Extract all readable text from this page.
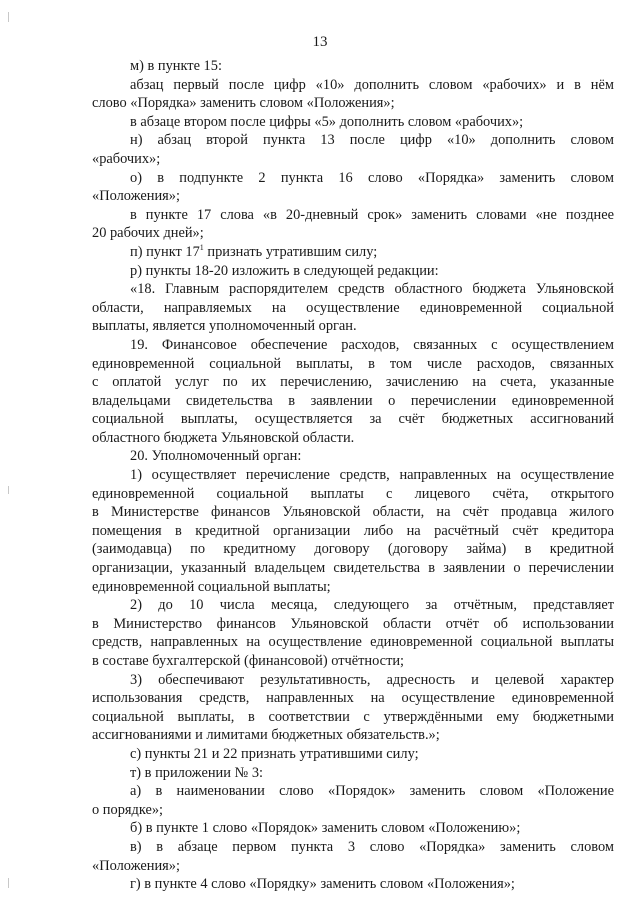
13
м) в пункте 15:
абзац первый после цифр «10» дополнить словом «рабочих» и в нём
слово «Порядка» заменить словом «Положения»;
в абзаце втором после цифры «5» дополнить словом «рабочих»;
н) абзац второй пункта 13 после цифр «10» дополнить словом
«рабочих»;
о) в подпункте 2 пункта 16 слово «Порядка» заменить словом
«Положения»;
в пункте 17 слова «в 20-дневный срок» заменить словами «не позднее
20 рабочих дней»;
п) пункт $17^1$ признать утратившим силу;
р) пункты 18-20 изложить в следующей редакции:
«18. Главным распорядителем средств областного бюджета Ульяновской
области, направляемых на осуществление единовременной социальной
выплаты, является уполномоченный орган.
19. Финансовое обеспечение расходов, связанных с осуществлением
единовременной социальной выплаты, в том числе расходов, связанных
с оплатой услуг по их перечислению, зачислению на счета, указанные
владельцами свидетельства в заявлении о перечислении единовременной
социальной выплаты, осуществляется за счёт бюджетных ассигнований
областного бюджета Ульяновской области.
20. Уполномоченный орган:
1) осуществляет перечисление средств, направленных на осуществление
единовременной социальной выплаты с лицевого счёта, открытого
в Министерстве финансов Ульяновской области, на счёт продавца жилого
помещения в кредитной организации либо на расчётный счёт кредитора
(заимодавца) по кредитному договору (договору займа) в кредитной
организации, указанный владельцем свидетельства в заявлении о перечислении
единовременной социальной выплаты;
2) до 10 числа месяца, следующего за отчётным, представляет
в Министерство финансов Ульяновской области отчёт об использовании
средств, направленных на осуществление единовременной социальной выплаты
в составе бухгалтерской (финансовой) отчётности;
3) обеспечивают результативность, адресность и целевой характер
использования средств, направленных на осуществление единовременной
социальной выплаты, в соответствии с утверждёнными ему бюджетными
ассигнованиями и лимитами бюджетных обязательств.»;
с) пункты 21 и 22 признать утратившими силу;
т) в приложении № 3:
а) в наименовании слово «Порядок» заменить словом «Положение
о порядке»;
б) в пункте 1 слово «Порядок» заменить словом «Положению»;
в) в абзаце первом пункта 3 слово «Порядка» заменить словом
«Положения»;
г) в пункте 4 слово «Порядку» заменить словом «Положения»;
